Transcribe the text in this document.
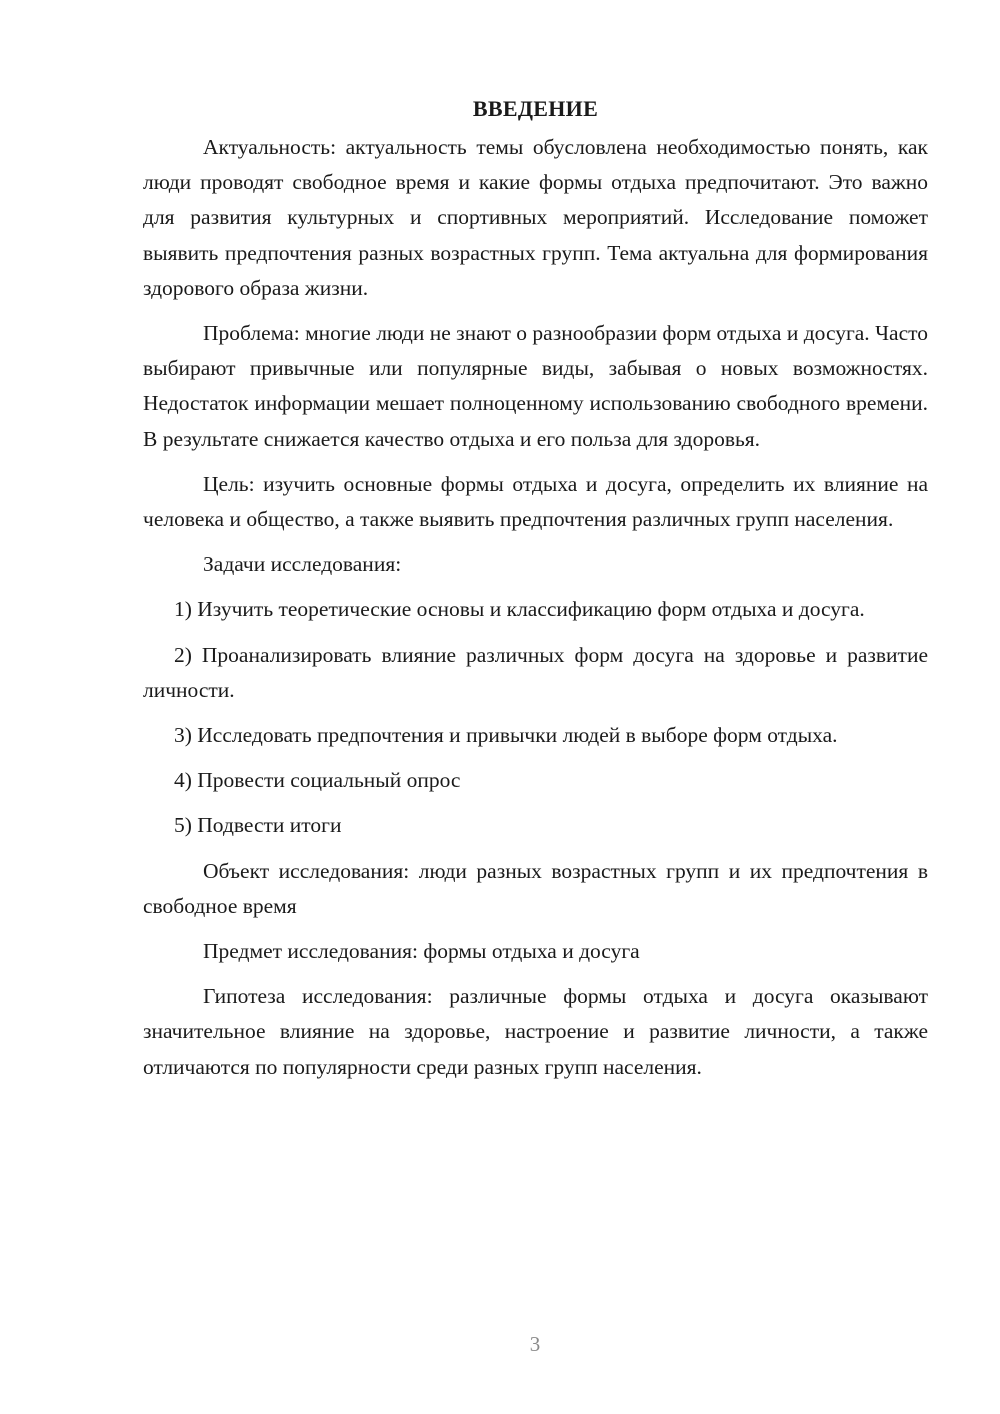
ВВЕДЕНИЕ

Актуальность: актуальность темы обусловлена необходимостью понять, как люди проводят свободное время и какие формы отдыха предпочитают. Это важно для развития культурных и спортивных мероприятий. Исследование поможет выявить предпочтения разных возрастных групп. Тема актуальна для формирования здорового образа жизни.

Проблема: многие люди не знают о разнообразии форм отдыха и досуга. Часто выбирают привычные или популярные виды, забывая о новых возможностях. Недостаток информации мешает полноценному использованию свободного времени. В результате снижается качество отдыха и его польза для здоровья.

Цель: изучить основные формы отдыха и досуга, определить их влияние на человека и общество, а также выявить предпочтения различных групп населения.

Задачи исследования:

1) Изучить теоретические основы и классификацию форм отдыха и досуга.

2) Проанализировать влияние различных форм досуга на здоровье и развитие личности.

3) Исследовать предпочтения и привычки людей в выборе форм отдыха.

4) Провести социальный опрос

5) Подвести итоги

Объект исследования: люди разных возрастных групп и их предпочтения в свободное время

Предмет исследования: формы отдыха и досуга

Гипотеза исследования: различные формы отдыха и досуга оказывают значительное влияние на здоровье, настроение и развитие личности, а также отличаются по популярности среди разных групп населения.

3
